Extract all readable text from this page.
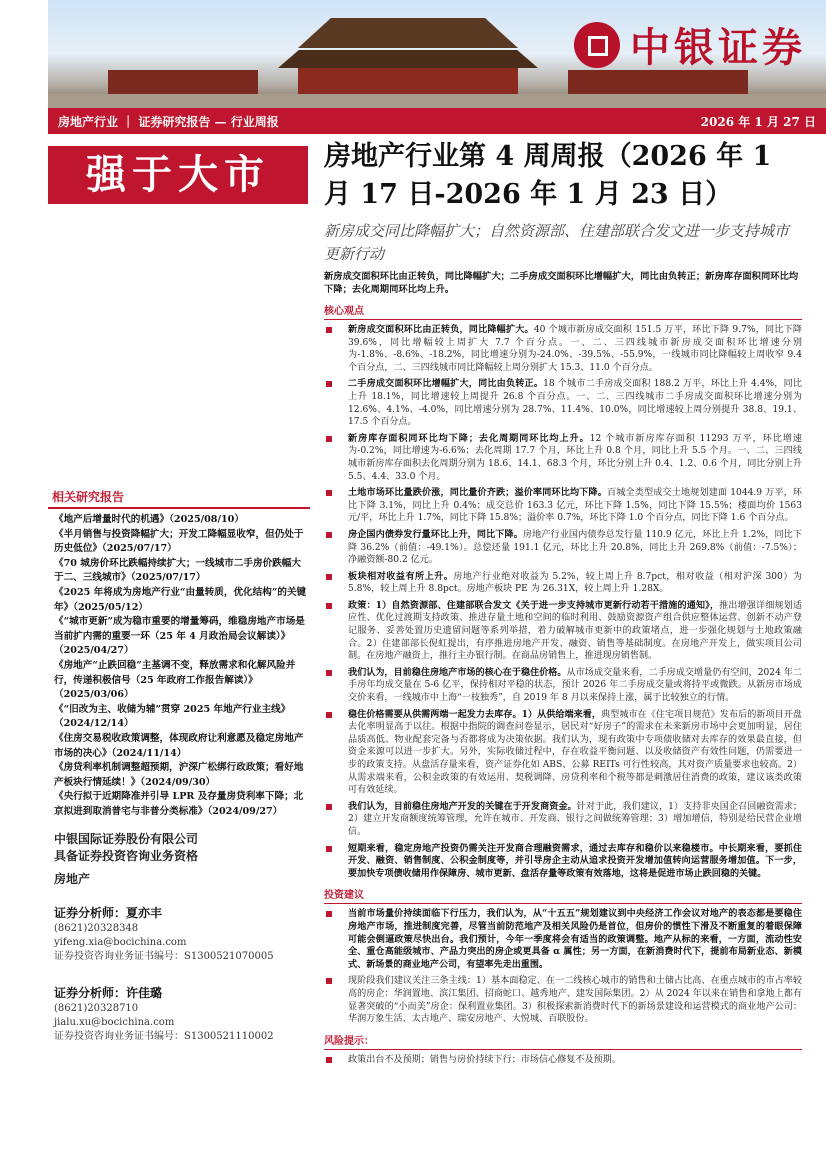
中银证券
房地产行业 ｜ 证券研究报告 — 行业周报	2026 年 1 月 27 日
强于大市
相关研究报告
《地产后增量时代的机遇》（2025/08/10）
《半月销售与投资降幅扩大；开发工降幅显收窄，但仍处于历史低位》（2025/07/17）
《70 城房价环比跌幅持续扩大；一线城市二手房价跌幅大于二、三线城市》（2025/07/17）
《2025 年将成为房地产行业“由量转质，优化结构”的关键年》（2025/05/12）
《“城市更新”成为稳市重要的增量筹码，维稳房地产市场是当前扩内需的重要一环（25 年 4 月政治局会议解读）》（2025/04/27）
《房地产“止跌回稳”主基调不变，释放需求和化解风险并行，传递积极信号（25 年政府工作报告解读）》（2025/03/06）
《“旧改为主、收储为辅”贯穿 2025 年地产行业主线》（2024/12/14）
《住房交易税收政策调整，体现政府让利意愿及稳定房地产市场的决心》（2024/11/14）
《房贷利率机制调整超预期，沪深广松绑行政政策；看好地产板块行情延续！》（2024/09/30）
《央行拟于近期降准并引导 LPR 及存量房贷利率下降；北京拟进到取消普宅与非普分类标准》（2024/09/27）
中银国际证券股份有限公司
具备证券投资咨询业务资格
房地产
证券分析师：夏亦丰
(8621)20328348
yifeng.xia@bocichina.com
证券投资咨询业务证书编号：S1300521070005
证券分析师：许佳璐
(8621)20328710
jialu.xu@bocichina.com
证券投资咨询业务证书编号：S1300521110002
房地产行业第 4 周周报（2026 年 1 月 17 日-2026 年 1 月 23 日）
新房成交同比降幅扩大；自然资源部、住建部联合发文进一步支持城市更新行动
新房成交面积环比由正转负，同比降幅扩大；二手房成交面积环比增幅扩大，同比由负转正；新房库存面积同环比均下降；去化周期同环比均上升。
核心观点
新房成交面积环比由正转负，同比降幅扩大。40 个城市新房成交面积 151.5 万平，环比下降 9.7%，同比下降 39.6%，同比增幅较上周扩大 7.7 个百分点。一、二、三四线城市新房成交面积环比增速分别为-1.8%、-8.6%、-18.2%，同比增速分别为-24.0%、-39.5%、-55.9%，一线城市同比降幅较上周收窄 9.4 个百分点，二、三四线城市同比降幅较上周分别扩大 15.3、11.0 个百分点。
二手房成交面积环比增幅扩大，同比由负转正。18 个城市二手房成交面积 188.2 万平，环比上升 4.4%，同比上升 18.1%，同比增速较上周提升 26.8 个百分点。一、二、三四线城市二手房成交面积环比增速分别为 12.6%、4.1%、-4.0%，同比增速分别为 28.7%、11.4%、10.0%，同比增速较上周分别提升 38.8、19.1、17.5 个百分点。
新房库存面积同环比均下降；去化周期同环比均上升。12 个城市新房库存面积 11293 万平，环比增速为-0.2%，同比增速为-6.6%；去化周期 17.7 个月，环比上升 0.8 个月，同比上升 5.5 个月。一、二、三四线城市新房库存面积去化周期分别为 18.6、14.1、68.3 个月，环比分别上升 0.4、1.2、0.6 个月，同比分别上升 5.5、4.4、33.0 个月。
土地市场环比量跌价涨，同比量价齐跌；溢价率同环比均下降。百城全类型成交土地规划建面 1044.9 万平，环比下降 3.1%，同比上升 0.4%；成交总价 163.3 亿元，环比下降 1.5%，同比下降 15.5%；楼面均价 1563 元/平，环比上升 1.7%，同比下降 15.8%；溢价率 0.7%，环比下降 1.0 个百分点，同比下降 1.6 个百分点。
房企国内债券发行量环比上升，同比下降。房地产行业国内债券总发行量 110.9 亿元，环比上升 1.2%，同比下降 36.2%（前值：-49.1%）。总偿还量 191.1 亿元，环比上升 20.8%，同比上升 269.8%（前值：-7.5%）；净融资额-80.2 亿元。
板块相对收益有所上升。房地产行业绝对收益为 5.2%，较上周上升 8.7pct，相对收益（相对沪深 300）为 5.8%，较上周上升 8.8pct。房地产板块 PE 为 26.31X，较上周上升 1.28X。
政策：1）自然资源部、住建部联合发文《关于进一步支持城市更新行动若干措施的通知》，推出增强详细规划适应性、优化过渡期支持政策、推进存量土地和空间的临时利用、鼓励资源资产组合供应整体运营、创新不动产登记服务、妥善处置历史遗留问题等系列举措，着力破解城市更新中的政策堵点，进一步强化规划与土地政策融合。2）住建部部长倪虹提出，有序推进房地产开发、融资、销售等基础制度。在房地产开发上，做实项目公司制。在房地产融资上，推行主办银行制。在商品房销售上，推进现房销售制。
我们认为，目前稳住房地产市场的核心在于稳住价格。从市场成交量来看，二手房成交增量仍有空间，2024 年二手房年均成交量在 5-6 亿平，保持相对平稳的状态，预计 2026 年二手房成交量或将持平或微跌。从新房市场成交价来看，一线城市中上海“一枝独秀”，自 2019 年 8 月以来保持上涨，属于比较独立的行情。
稳住价格需要从供需两端一起发力去库存。1）从供给端来看，典型城市在《住宅项目规范》发布后的新项目开盘去化率明显高于以往。根据中指院的调查问卷显示，居民对“好房子”的需求在未来新房市场中会更加明显，居住品质高低、物业配套完备与否都将成为决策依据。我们认为，现有政策中专项债收储对去库存的效果最直接，但资金来源可以进一步扩大。另外，实际收储过程中，存在收益平衡问题、以及收储资产有效性问题，仍需要进一步的政策支持。从盘活存量来看，资产证券化如 ABS、公募 REITs 可行性较高，其对资产质量要求也较高。2）从需求端来看，公积金政策的有效运用、契税调降、房贷利率和个税等都是刺激居住消费的政策，建议该类政策可有效延续。
我们认为，目前稳住房地产开发的关键在于开发商资金。针对于此，我们建议，1）支持非央国企召回融资需求；2）建立开发商额度统筹管理，允许在城市、开发商、银行之间做统筹管理；3）增加增信，特别是给民营企业增信。
短期来看，稳定房地产投资仍需关注开发商合理融资需求，通过去库存和稳价以来稳楼市。中长期来看，要抓住开发、融资、销售制度、公积金制度等，并引导房企主动从追求投资开发增加值转向运营服务增加值。下一步，要加快专项债收储用作保障房、城市更新、盘活存量等政策有效落地，这将是促进市场止跌回稳的关键。
投资建议
当前市场量价持续面临下行压力，我们认为，从“十五五”规划建议到中央经济工作会议对地产的表态都是要稳住房地产市场，推进制度完善，尽管当前防范地产及相关风险仍是首位，但房价的惯性下滑及不断重复的着眼保障可能会倒逼政策尽快出台。我们预计，今年一季度将会有适当的政策调整。地产从标的来看，一方面，流动性安全、重仓高能级城市、产品力突出的房企或更具备 α 属性；另一方面，在新消费时代下，提前布局新业态、新模式、新场景的商业地产公司，有望率先走出重围。
现阶段我们建议关注三条主线：1）基本面稳定、在一二线核心城市的销售和土储占比高、在重点城市的市占率较高的房企：华润置地、滨江集团、招商蛇口、越秀地产、建发国际集团。2）从 2024 年以来在销售和拿地上都有显著突破的“小而美”房企：保利置业集团。3）积极探索新消费时代下的新场景建设和运营模式的商业地产公司：华润万象生活、太古地产、瑞安房地产、大悦城、百联股份。
风险提示：
政策出台不及预期；销售与房价持续下行；市场信心修复不及预期。
